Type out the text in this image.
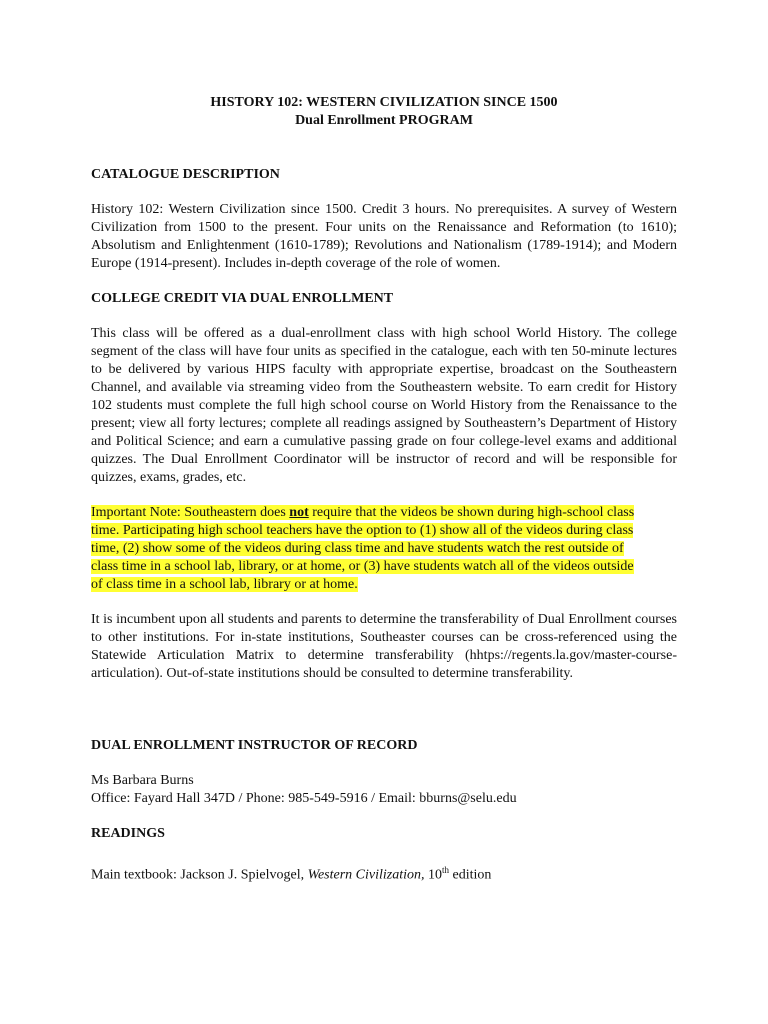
HISTORY 102: WESTERN CIVILIZATION SINCE 1500
Dual Enrollment PROGRAM
CATALOGUE DESCRIPTION
History 102: Western Civilization since 1500. Credit 3 hours. No prerequisites. A survey of Western Civilization from 1500 to the present. Four units on the Renaissance and Reformation (to 1610); Absolutism and Enlightenment (1610-1789); Revolutions and Nationalism (1789-1914); and Modern Europe (1914-present). Includes in-depth coverage of the role of women.
COLLEGE CREDIT VIA DUAL ENROLLMENT
This class will be offered as a dual-enrollment class with high school World History. The college segment of the class will have four units as specified in the catalogue, each with ten 50-minute lectures to be delivered by various HIPS faculty with appropriate expertise, broadcast on the Southeastern Channel, and available via streaming video from the Southeastern website. To earn credit for History 102 students must complete the full high school course on World History from the Renaissance to the present; view all forty lectures; complete all readings assigned by Southeastern’s Department of History and Political Science; and earn a cumulative passing grade on four college-level exams and additional quizzes. The Dual Enrollment Coordinator will be instructor of record and will be responsible for quizzes, exams, grades, etc.
Important Note: Southeastern does not require that the videos be shown during high-school class
time. Participating high school teachers have the option to (1) show all of the videos during class
time, (2) show some of the videos during class time and have students watch the rest outside of
class time in a school lab, library, or at home, or (3) have students watch all of the videos outside
of class time in a school lab, library or at home.
It is incumbent upon all students and parents to determine the transferability of Dual Enrollment courses to other institutions. For in-state institutions, Southeaster courses can be cross-referenced using the Statewide Articulation Matrix to determine transferability (hhtps://regents.la.gov/master-course-articulation). Out-of-state institutions should be consulted to determine transferability.
DUAL ENROLLMENT INSTRUCTOR OF RECORD
Ms Barbara Burns
Office: Fayard Hall 347D / Phone: 985-549-5916 / Email: bburns@selu.edu
READINGS
Main textbook: Jackson J. Spielvogel, Western Civilization, 10th edition
